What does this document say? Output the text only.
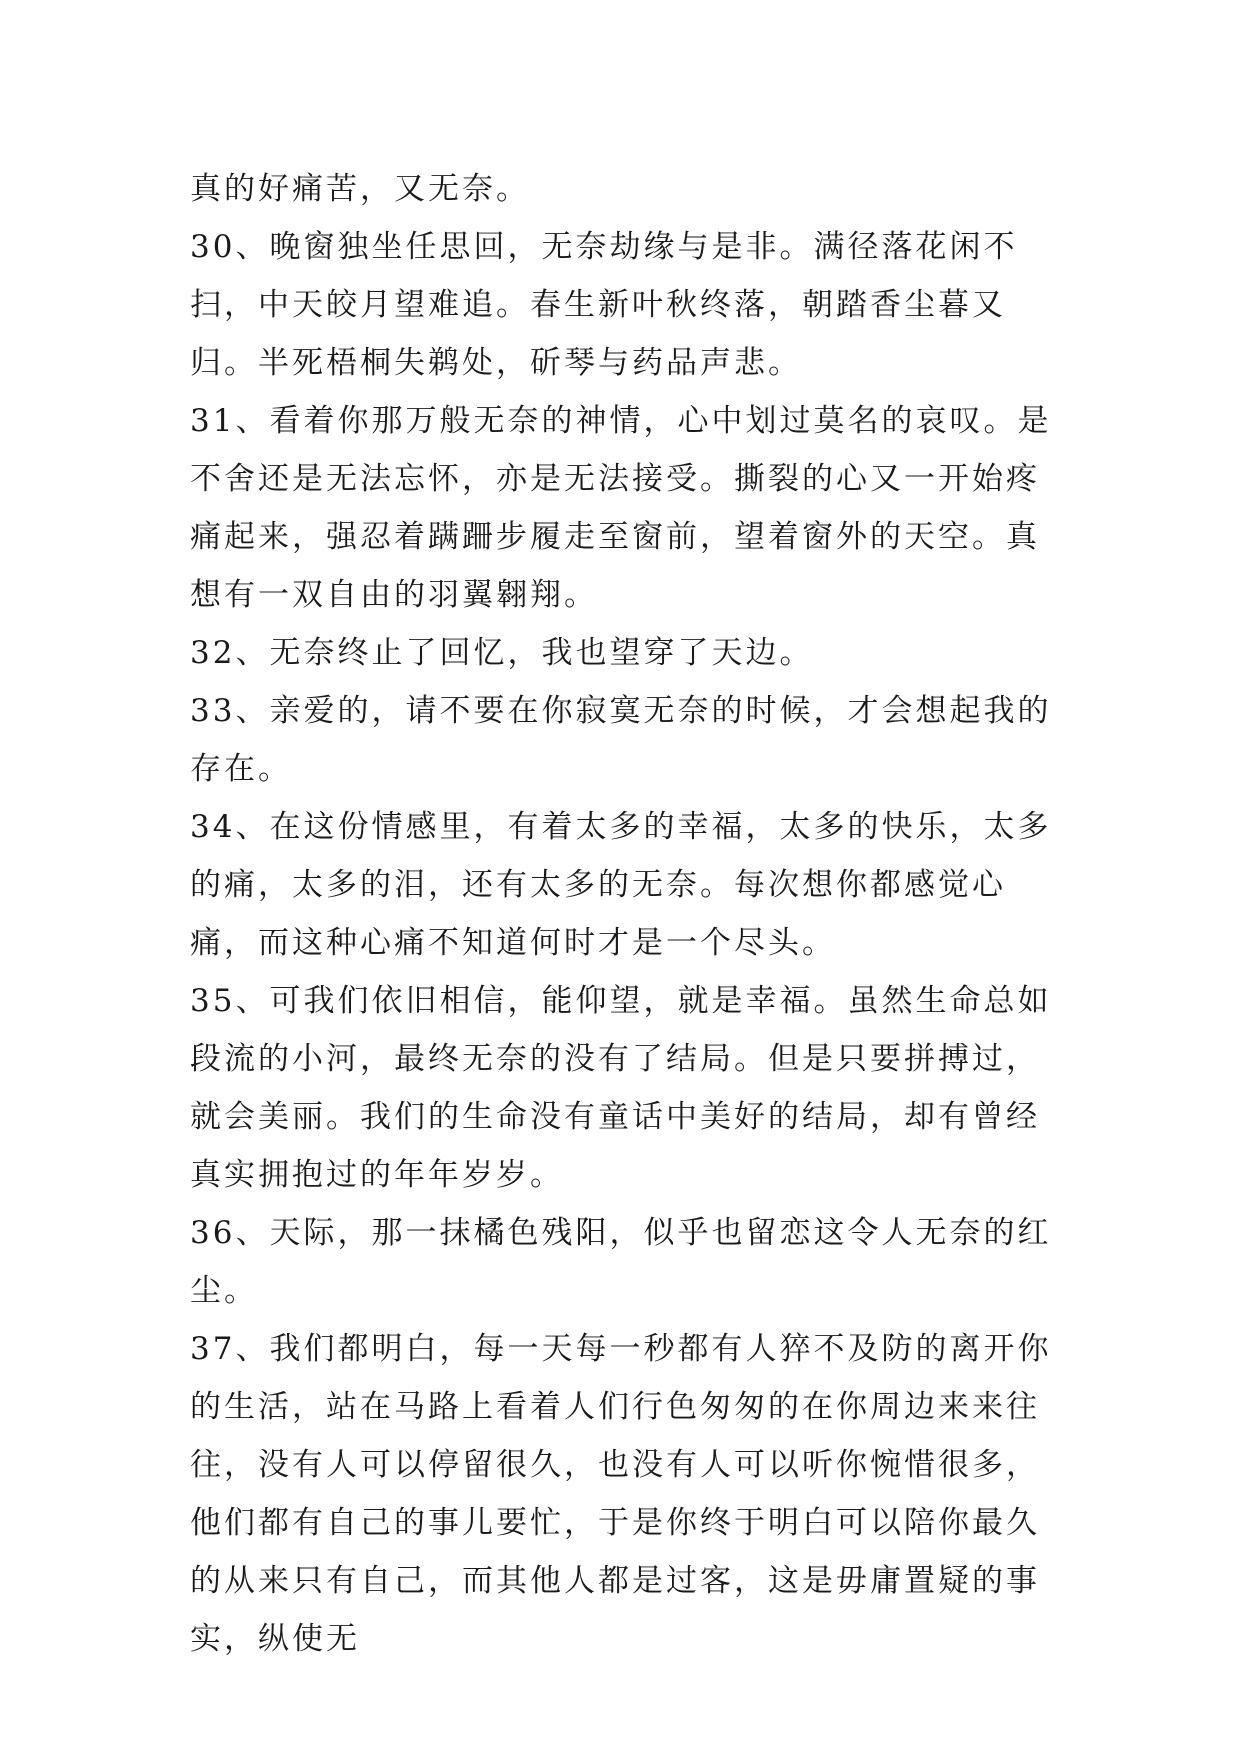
真的好痛苦，又无奈。

30、晚窗独坐任思回，无奈劫缘与是非。满径落花闲不扫，中天皎月望难追。春生新叶秋终落，朝踏香尘暮又归。半死梧桐失鹈处，斫琴与药品声悲。

31、看着你那万般无奈的神情，心中划过莫名的哀叹。是不舍还是无法忘怀，亦是无法接受。撕裂的心又一开始疼痛起来，强忍着蹒跚步履走至窗前，望着窗外的天空。真想有一双自由的羽翼翱翔。

32、无奈终止了回忆，我也望穿了天边。

33、亲爱的，请不要在你寂寞无奈的时候，才会想起我的存在。

34、在这份情感里，有着太多的幸福，太多的快乐，太多的痛，太多的泪，还有太多的无奈。每次想你都感觉心痛，而这种心痛不知道何时才是一个尽头。

35、可我们依旧相信，能仰望，就是幸福。虽然生命总如段流的小河，最终无奈的没有了结局。但是只要拼搏过，就会美丽。我们的生命没有童话中美好的结局，却有曾经真实拥抱过的年年岁岁。

36、天际，那一抹橘色残阳，似乎也留恋这令人无奈的红尘。

37、我们都明白，每一天每一秒都有人猝不及防的离开你的生活，站在马路上看着人们行色匆匆的在你周边来来往往，没有人可以停留很久，也没有人可以听你惋惜很多，他们都有自己的事儿要忙，于是你终于明白可以陪你最久的从来只有自己，而其他人都是过客，这是毋庸置疑的事实，纵使无
